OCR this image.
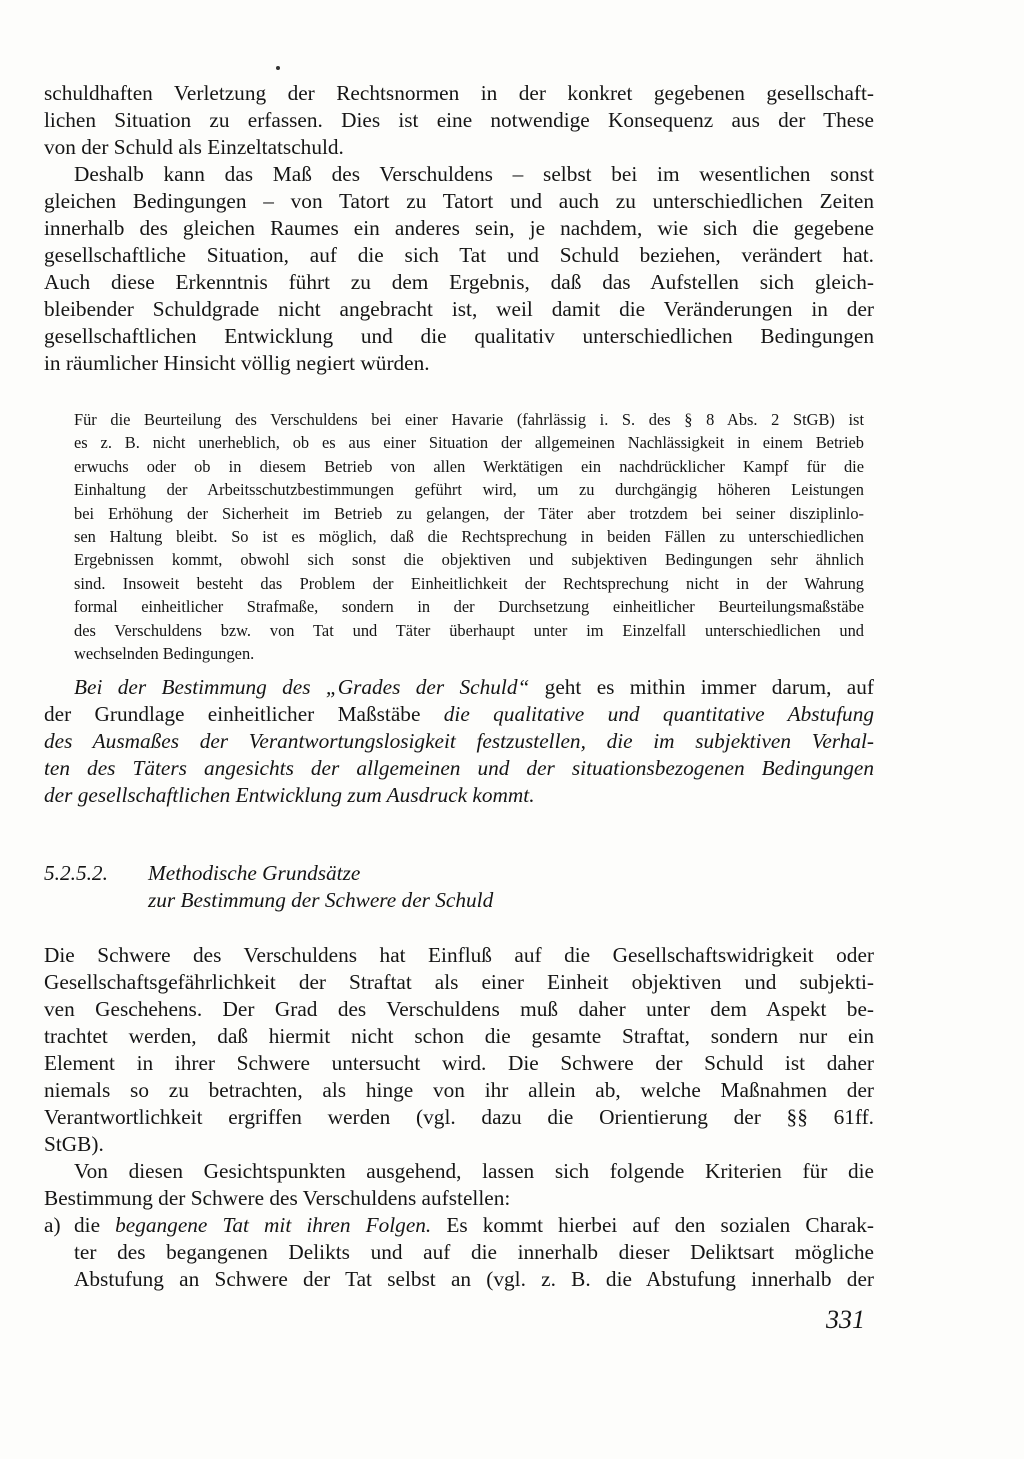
schuldhaften Verletzung der Rechtsnormen in der konkret gegebenen gesellschaft-
lichen Situation zu erfassen. Dies ist eine notwendige Konsequenz aus der These
von der Schuld als Einzeltatschuld.
Deshalb kann das Maß des Verschuldens – selbst bei im wesentlichen sonst
gleichen Bedingungen – von Tatort zu Tatort und auch zu unterschiedlichen Zeiten
innerhalb des gleichen Raumes ein anderes sein, je nachdem, wie sich die gegebene
gesellschaftliche Situation, auf die sich Tat und Schuld beziehen, verändert hat.
Auch diese Erkenntnis führt zu dem Ergebnis, daß das Aufstellen sich gleich-
bleibender Schuldgrade nicht angebracht ist, weil damit die Veränderungen in der
gesellschaftlichen Entwicklung und die qualitativ unterschiedlichen Bedingungen
in räumlicher Hinsicht völlig negiert würden.
Für die Beurteilung des Verschuldens bei einer Havarie (fahrlässig i. S. des § 8 Abs. 2 StGB) ist
es z. B. nicht unerheblich, ob es aus einer Situation der allgemeinen Nachlässigkeit in einem Betrieb
erwuchs oder ob in diesem Betrieb von allen Werktätigen ein nachdrücklicher Kampf für die
Einhaltung der Arbeitsschutzbestimmungen geführt wird, um zu durchgängig höheren Leistungen
bei Erhöhung der Sicherheit im Betrieb zu gelangen, der Täter aber trotzdem bei seiner disziplinlo-
sen Haltung bleibt. So ist es möglich, daß die Rechtsprechung in beiden Fällen zu unterschiedlichen
Ergebnissen kommt, obwohl sich sonst die objektiven und subjektiven Bedingungen sehr ähnlich
sind. Insoweit besteht das Problem der Einheitlichkeit der Rechtsprechung nicht in der Wahrung
formal einheitlicher Strafmaße, sondern in der Durchsetzung einheitlicher Beurteilungsmaßstäbe
des Verschuldens bzw. von Tat und Täter überhaupt unter im Einzelfall unterschiedlichen und
wechselnden Bedingungen.
Bei der Bestimmung des „Grades der Schuld“ geht es mithin immer darum, auf
der Grundlage einheitlicher Maßstäbe die qualitative und quantitative Abstufung
des Ausmaßes der Verantwortungslosigkeit festzustellen, die im subjektiven Verhal-
ten des Täters angesichts der allgemeinen und der situationsbezogenen Bedingungen
der gesellschaftlichen Entwicklung zum Ausdruck kommt.
5.2.5.2. Methodische Grundsätze
zur Bestimmung der Schwere der Schuld
Die Schwere des Verschuldens hat Einfluß auf die Gesellschaftswidrigkeit oder
Gesellschaftsgefährlichkeit der Straftat als einer Einheit objektiven und subjekti-
ven Geschehens. Der Grad des Verschuldens muß daher unter dem Aspekt be-
trachtet werden, daß hiermit nicht schon die gesamte Straftat, sondern nur ein
Element in ihrer Schwere untersucht wird. Die Schwere der Schuld ist daher
niemals so zu betrachten, als hinge von ihr allein ab, welche Maßnahmen der
Verantwortlichkeit ergriffen werden (vgl. dazu die Orientierung der §§ 61ff.
StGB).
Von diesen Gesichtspunkten ausgehend, lassen sich folgende Kriterien für die
Bestimmung der Schwere des Verschuldens aufstellen:
a) die begangene Tat mit ihren Folgen. Es kommt hierbei auf den sozialen Charak-
ter des begangenen Delikts und auf die innerhalb dieser Deliktsart mögliche
Abstufung an Schwere der Tat selbst an (vgl. z. B. die Abstufung innerhalb der
331
